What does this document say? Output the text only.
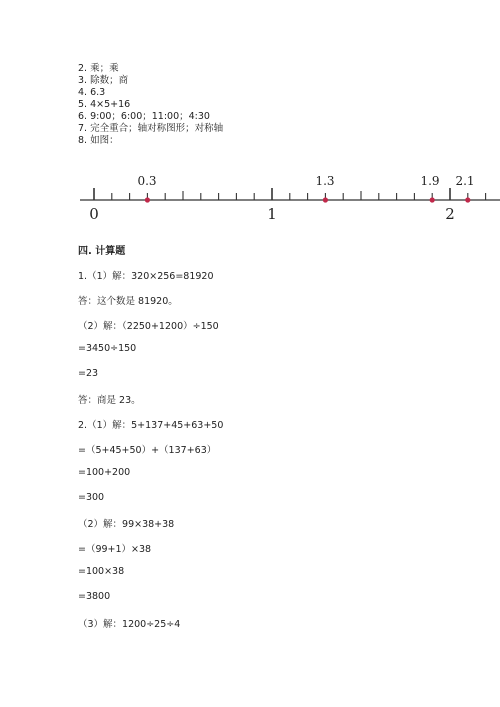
2. 乘；乘
3. 除数；商
4. 6.3
5. 4×5+16
6. 9:00；6:00；11:00；4:30
7. 完全重合；轴对称图形；对称轴
8. 如图：
0	1	2
0.3	1.3	1.9 2.1
四. 计算题
1.（1）解：320×256=81920
答：这个数是 81920。
（2）解：（2250+1200）÷150
=3450÷150
=23
答：商是 23。
2.（1）解：5+137+45+63+50
=（5+45+50）+（137+63）
=100+200
=300
（2）解：99×38+38
=（99+1）×38
=100×38
=3800
（3）解：1200÷25÷4
